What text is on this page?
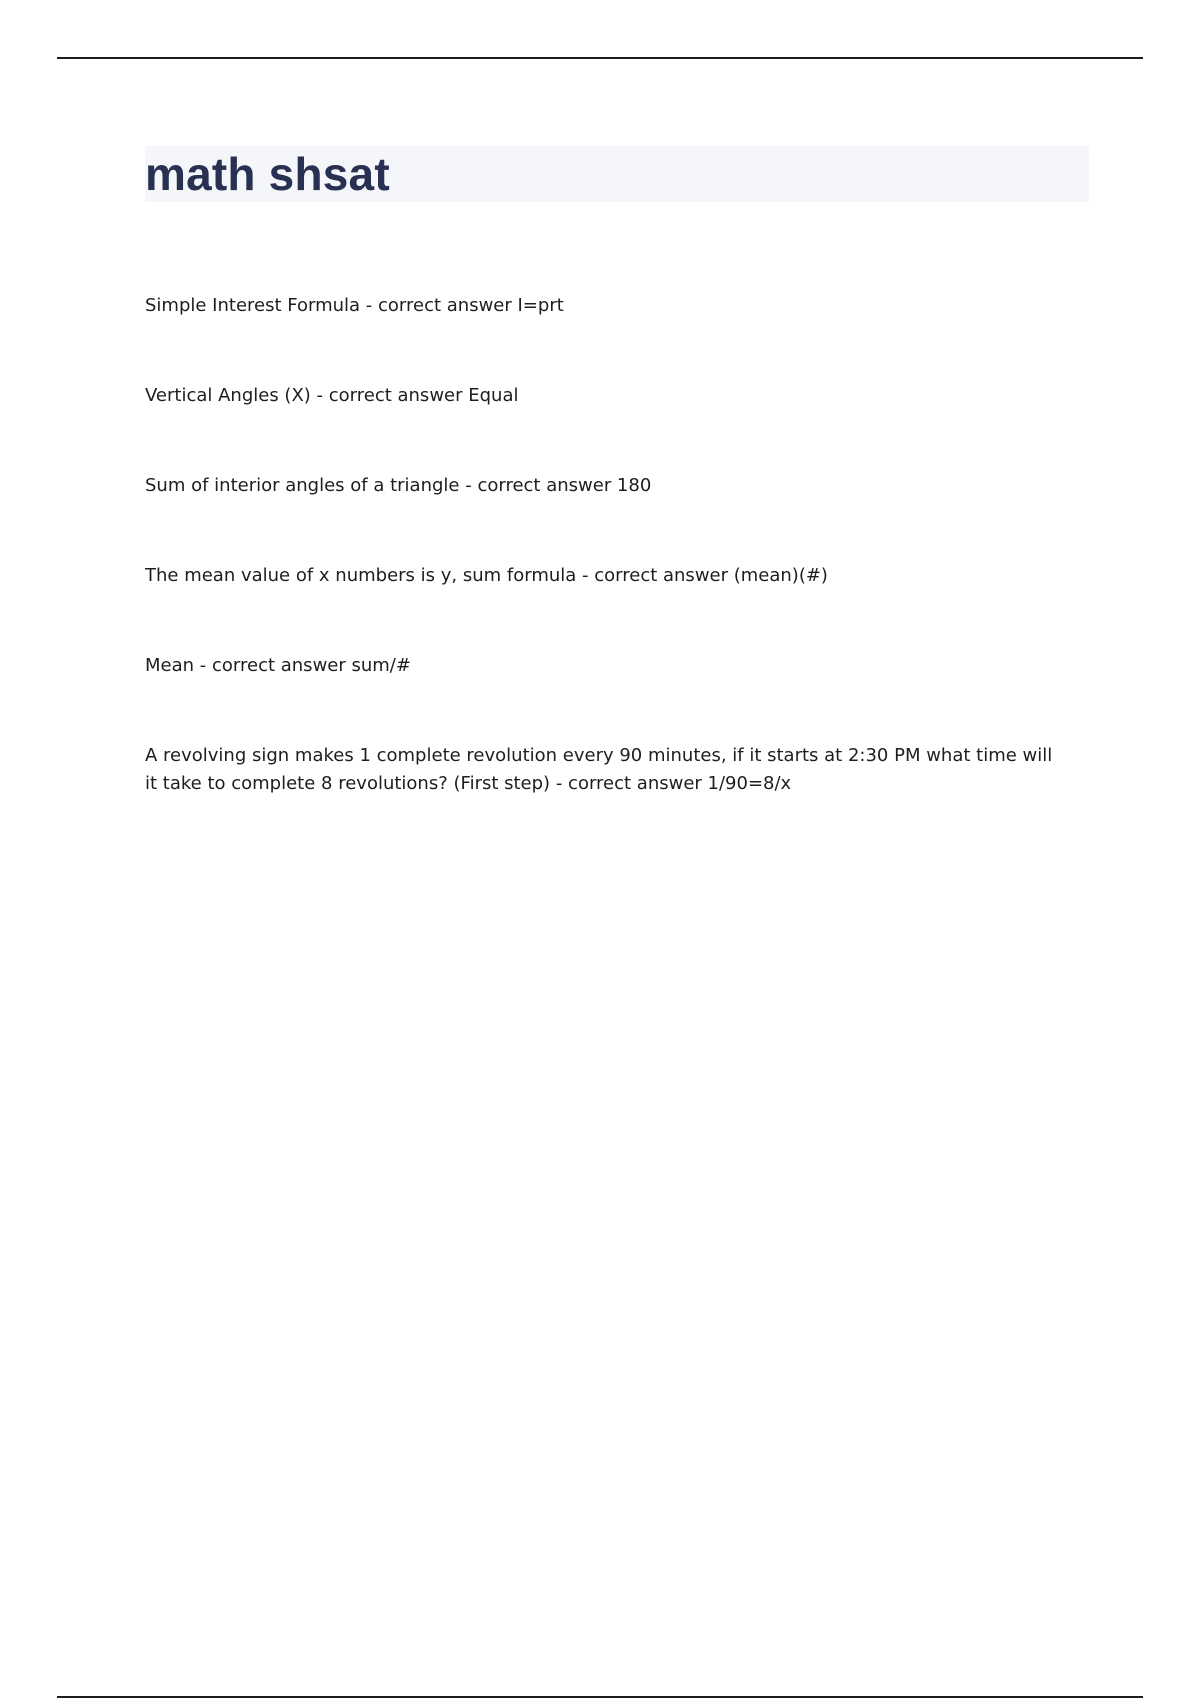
math shsat
Simple Interest Formula - correct answer I=prt
Vertical Angles (X) - correct answer Equal
Sum of interior angles of a triangle - correct answer 180
The mean value of x numbers is y, sum formula - correct answer (mean)(#)
Mean - correct answer sum/#
A revolving sign makes 1 complete revolution every 90 minutes, if it starts at 2:30 PM what time will it take to complete 8 revolutions? (First step) - correct answer 1/90=8/x
